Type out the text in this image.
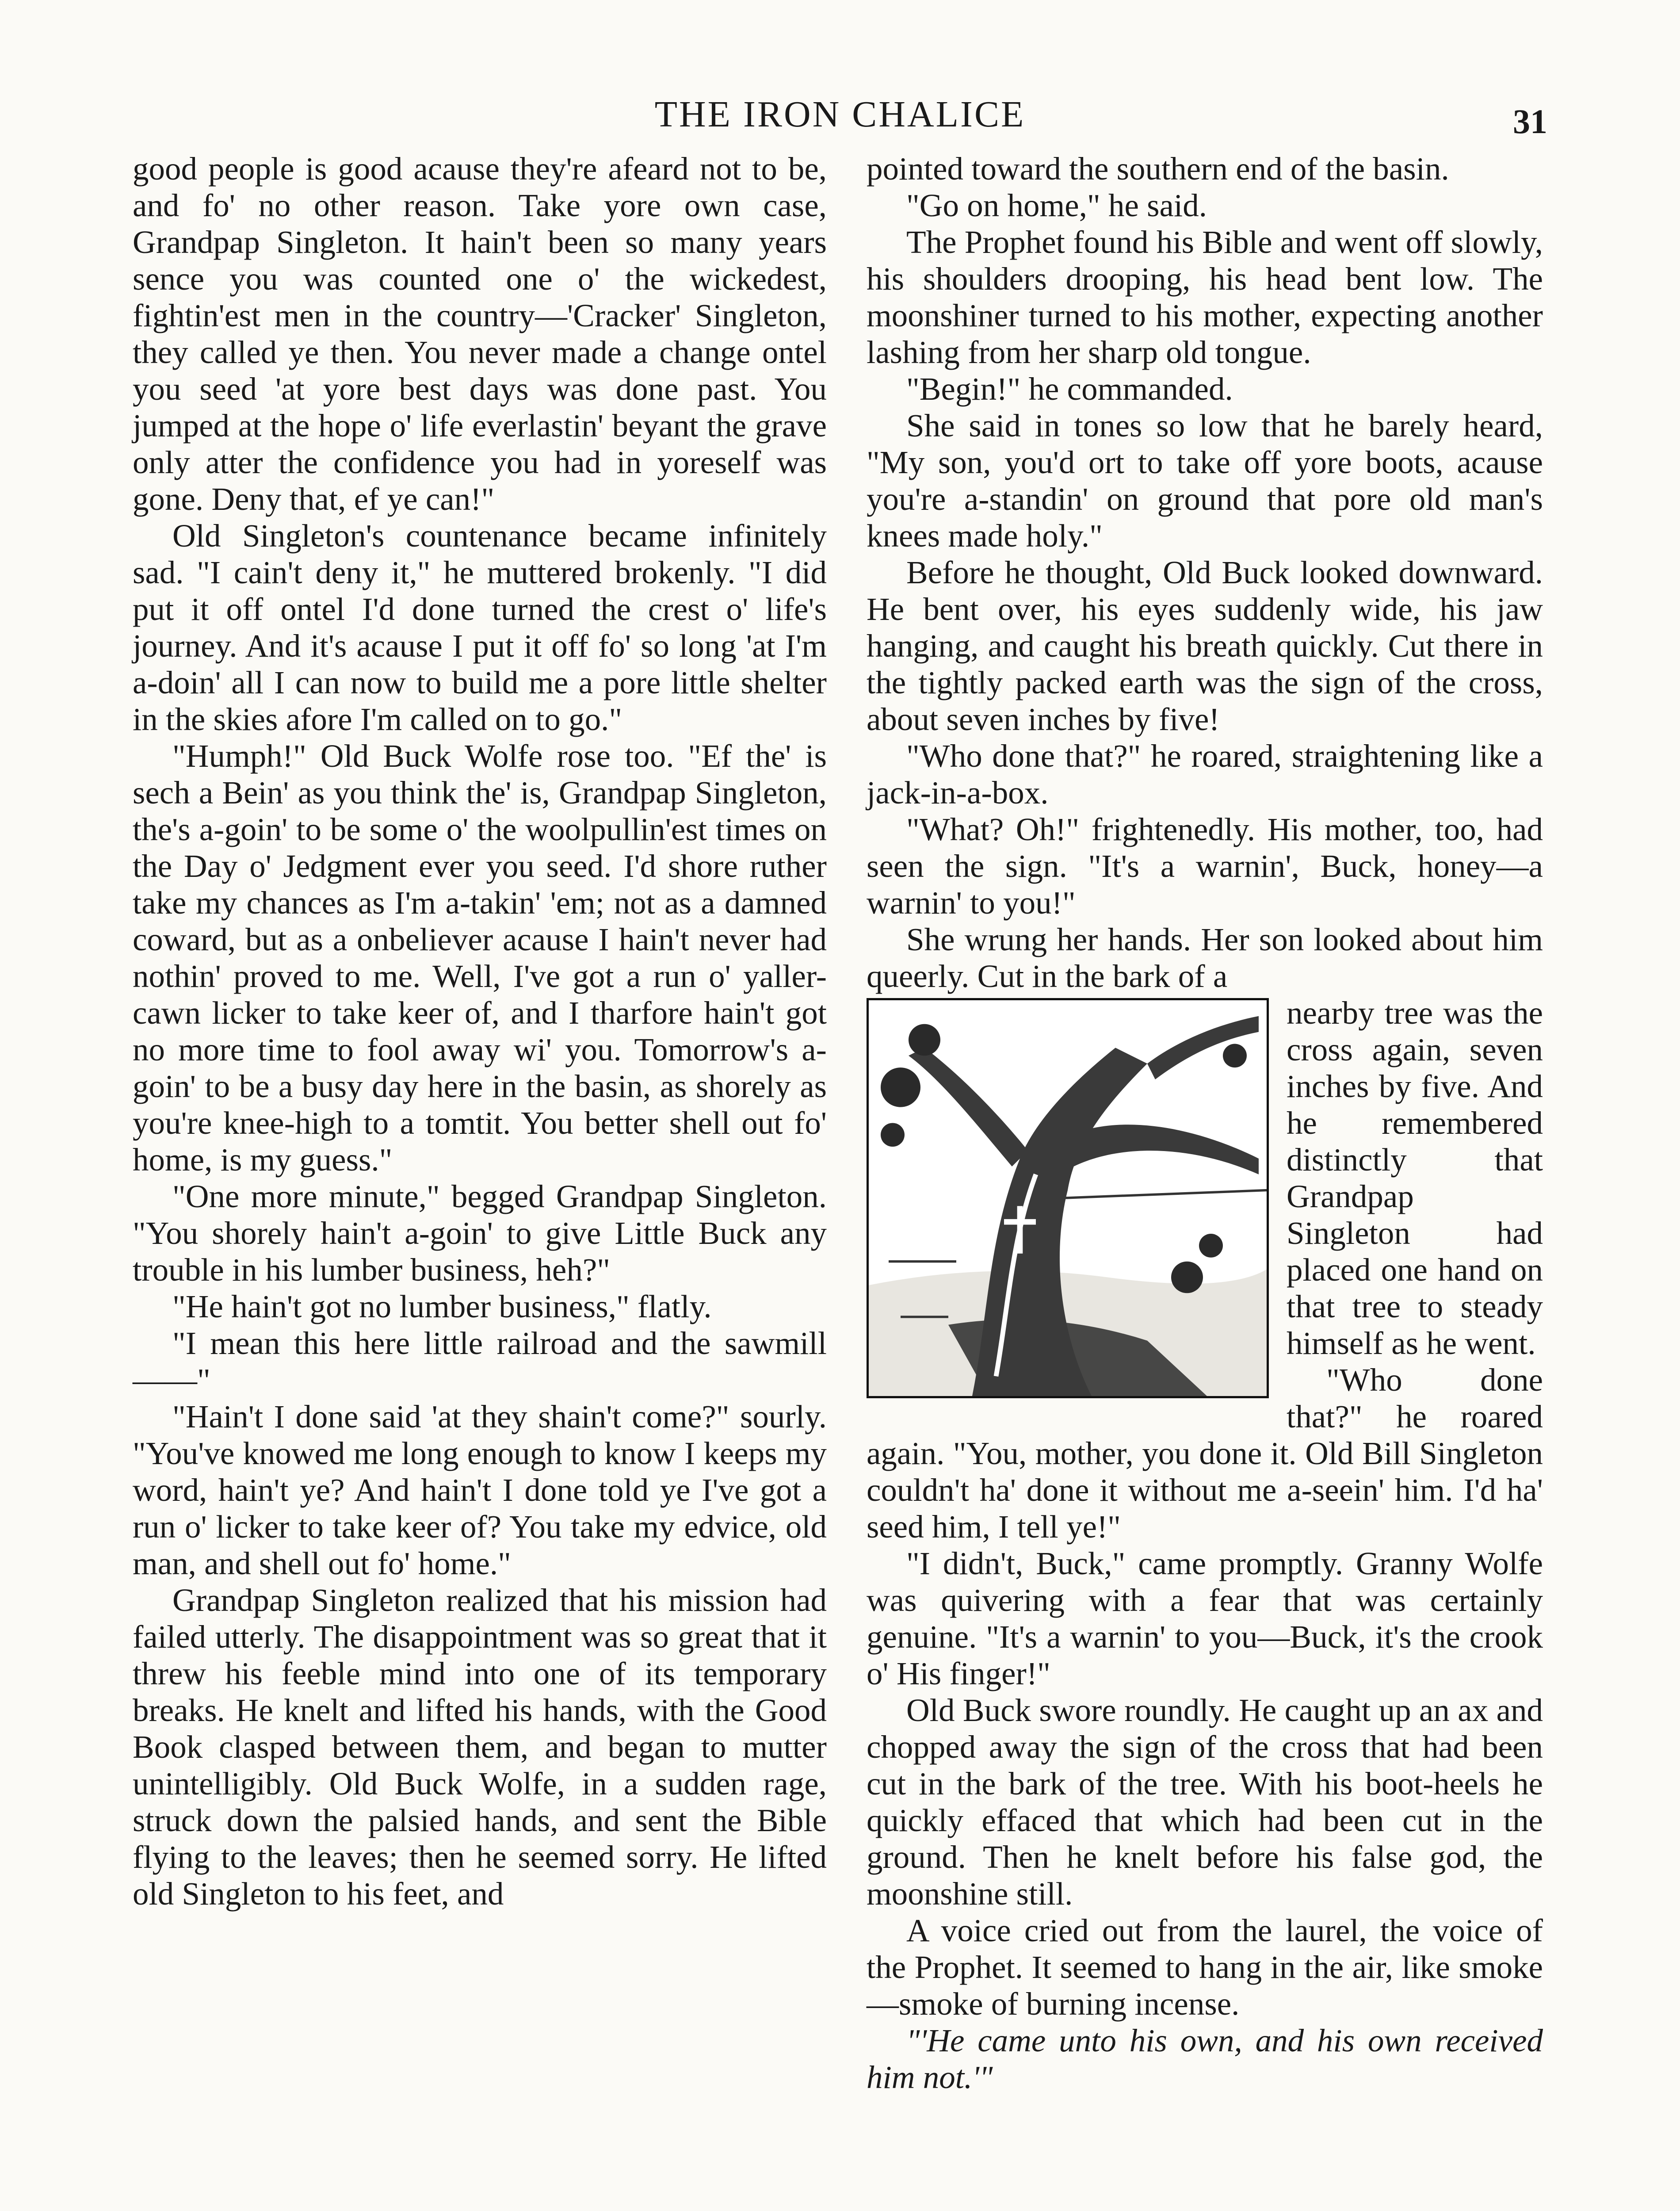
THE IRON CHALICE	31

good people is good acause they're afeard not to be, and fo' no other reason. Take yore own case, Grandpap Singleton. It hain't been so many years sence you was counted one o' the wickedest, fightin'est men in the country—'Cracker' Singleton, they called ye then. You never made a change ontel you seed 'at yore best days was done past. You jumped at the hope o' life everlastin' beyant the grave only atter the confidence you had in yoreself was gone. Deny that, ef ye can!"

Old Singleton's countenance became infinitely sad. "I cain't deny it," he muttered brokenly. "I did put it off ontel I'd done turned the crest o' life's journey. And it's acause I put it off fo' so long 'at I'm a-doin' all I can now to build me a pore little shelter in the skies afore I'm called on to go."

"Humph!" Old Buck Wolfe rose too. "Ef the' is sech a Bein' as you think the' is, Grandpap Singleton, the's a-goin' to be some o' the woolpullin'est times on the Day o' Jedgment ever you seed. I'd shore ruther take my chances as I'm a-takin' 'em; not as a damned coward, but as a onbeliever acause I hain't never had nothin' proved to me. Well, I've got a run o' yaller-cawn licker to take keer of, and I tharfore hain't got no more time to fool away wi' you. Tomorrow's a-goin' to be a busy day here in the basin, as shorely as you're knee-high to a tomtit. You better shell out fo' home, is my guess."

"One more minute," begged Grandpap Singleton. "You shorely hain't a-goin' to give Little Buck any trouble in his lumber business, heh?"

"He hain't got no lumber business," flatly.

"I mean this here little railroad and the sawmill——"

"Hain't I done said 'at they shain't come?" sourly. "You've knowed me long enough to know I keeps my word, hain't ye? And hain't I done told ye I've got a run o' licker to take keer of? You take my edvice, old man, and shell out fo' home."

Grandpap Singleton realized that his mission had failed utterly. The disappointment was so great that it threw his feeble mind into one of its temporary breaks. He knelt and lifted his hands, with the Good Book clasped between them, and began to mutter unintelligibly. Old Buck Wolfe, in a sudden rage, struck down the palsied hands, and sent the Bible flying to the leaves; then he seemed sorry. He lifted old Singleton to his feet, and

pointed toward the southern end of the basin.

"Go on home," he said.

The Prophet found his Bible and went off slowly, his shoulders drooping, his head bent low. The moonshiner turned to his mother, expecting another lashing from her sharp old tongue.

"Begin!" he commanded.

She said in tones so low that he barely heard, "My son, you'd ort to take off yore boots, acause you're a-standin' on ground that pore old man's knees made holy."

Before he thought, Old Buck looked downward. He bent over, his eyes suddenly wide, his jaw hanging, and caught his breath quickly. Cut there in the tightly packed earth was the sign of the cross, about seven inches by five!

"Who done that?" he roared, straightening like a jack-in-a-box.

"What? Oh!" frightenedly. His mother, too, had seen the sign. "It's a warnin', Buck, honey—a warnin' to you!"

She wrung her hands. Her son looked about him queerly. Cut in the bark of a

nearby tree was the cross again, seven inches by five. And he remembered distinctly that Grandpap Singleton had placed one hand on that tree to steady himself as he went.

"Who done that?" he roared again. "You, mother, you done it. Old Bill Singleton couldn't ha' done it without me a-seein' him. I'd ha' seed him, I tell ye!"

"I didn't, Buck," came promptly. Granny Wolfe was quivering with a fear that was certainly genuine. "It's a warnin' to you—Buck, it's the crook o' His finger!"

Old Buck swore roundly. He caught up an ax and chopped away the sign of the cross that had been cut in the bark of the tree. With his boot-heels he quickly effaced that which had been cut in the ground. Then he knelt before his false god, the moonshine still.

A voice cried out from the laurel, the voice of the Prophet. It seemed to hang in the air, like smoke—smoke of burning incense.

"'He came unto his own, and his own received him not.'"
